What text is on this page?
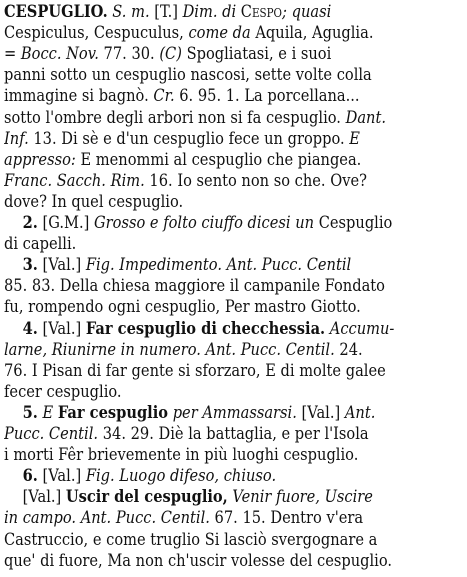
CESPUGLIO. S. m. [T.] Dim. di Cespo; quasi
Cespiculus, Cespuculus, come da Aquila, Aguglia.
= Bocc. Nov. 77. 30. (C) Spogliatasi, e i suoi
panni sotto un cespuglio nascosi, sette volte colla
immagine si bagnò. Cr. 6. 95. 1. La porcellana...
sotto l'ombre degli arbori non si fa cespuglio. Dant.
Inf. 13. Di sè e d'un cespuglio fece un groppo. E
appresso: E menommi al cespuglio che piangea.
Franc. Sacch. Rim. 16. Io sento non so che. Ove?
dove? In quel cespuglio.
2. [G.M.] Grosso e folto ciuffo dicesi un Cespuglio
di capelli.
3. [Val.] Fig. Impedimento. Ant. Pucc. Centil
85. 83. Della chiesa maggiore il campanile Fondato
fu, rompendo ogni cespuglio, Per mastro Giotto.
4. [Val.] Far cespuglio di checchessia. Accumu-
larne, Riunirne in numero. Ant. Pucc. Centil. 24.
76. I Pisan di far gente si sforzaro, E di molte galee
fecer cespuglio.
5. E Far cespuglio per Ammassarsi. [Val.] Ant.
Pucc. Centil. 34. 29. Diè la battaglia, e per l'Isola
i morti Fêr brievemente in più luoghi cespuglio.
6. [Val.] Fig. Luogo difeso, chiuso.
[Val.] Uscir del cespuglio, Venir fuore, Uscire
in campo. Ant. Pucc. Centil. 67. 15. Dentro v'era
Castruccio, e come truglio Si lasciò svergognare a
que' di fuore, Ma non ch'uscir volesse del cespuglio.
